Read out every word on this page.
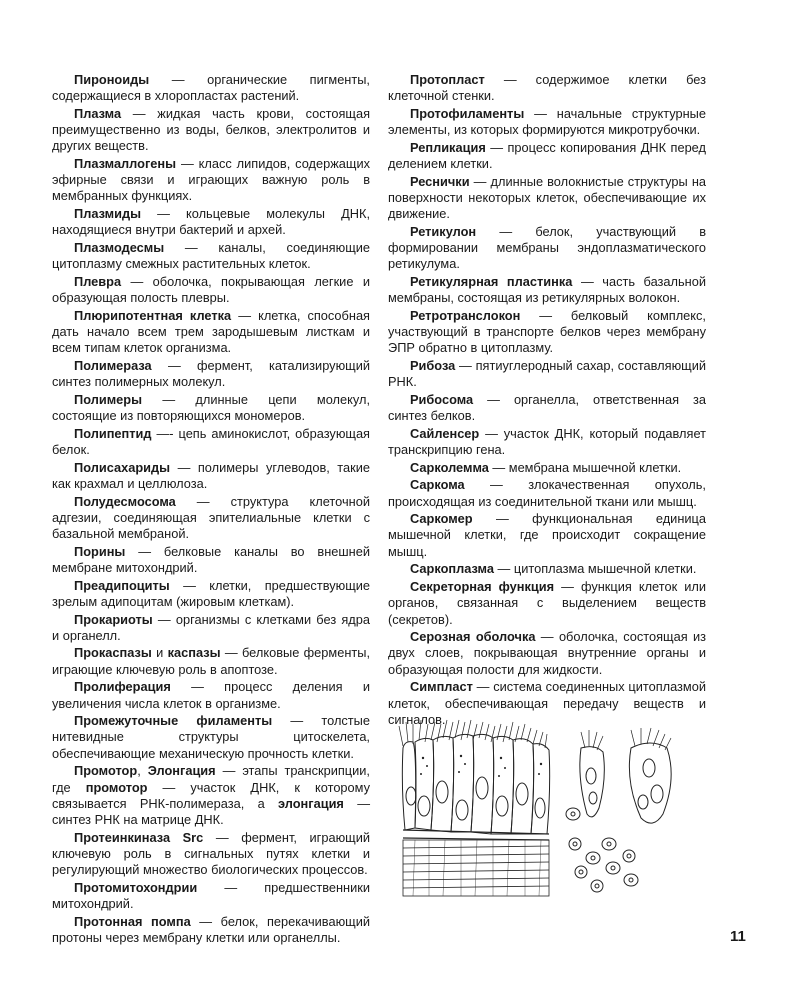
Пироноиды — органические пигменты, содержащиеся в хлоропластах растений.

Плазма — жидкая часть крови, состоящая преимущественно из воды, белков, электролитов и других веществ.

Плазмаллогены — класс липидов, содержащих эфирные связи и играющих важную роль в мембранных функциях.

Плазмиды — кольцевые молекулы ДНК, находящиеся внутри бактерий и архей.

Плазмодесмы — каналы, соединяющие цитоплазму смежных растительных клеток.

Плевра — оболочка, покрывающая легкие и образующая полость плевры.

Плюрипотентная клетка — клетка, способная дать начало всем трем зародышевым листкам и всем типам клеток организма.

Полимераза — фермент, катализирующий синтез полимерных молекул.

Полимеры — длинные цепи молекул, состоящие из повторяющихся мономеров.

Полипептид —- цепь аминокислот, образующая белок.

Полисахариды — полимеры углеводов, такие как крахмал и целлюлоза.

Полудесмосома — структура клеточной адгезии, соединяющая эпителиальные клетки с базальной мембраной.

Порины — белковые каналы во внешней мембране митохондрий.

Преадипоциты — клетки, предшествующие зрелым адипоцитам (жировым клеткам).

Прокариоты — организмы с клетками без ядра и органелл.

Прокаспазы и каспазы — белковые ферменты, играющие ключевую роль в апоптозе.

Пролиферация — процесс деления и увеличения числа клеток в организме.

Промежуточные филаменты — толстые нитевидные структуры цитоскелета, обеспечивающие механическую прочность клетки.

Промотор, Элонгация — этапы транскрипции, где промотор — участок ДНК, к которому связывается РНК-полимераза, а элонгация — синтез РНК на матрице ДНК.

Протеинкиназа Src — фермент, играющий ключевую роль в сигнальных путях клетки и регулирующий множество биологических процессов.

Протомитохондрии — предшественники митохондрий.

Протонная помпа — белок, перекачивающий протоны через мембрану клетки или органеллы.

Протопласт — содержимое клетки без клеточной стенки.

Протофиламенты — начальные структурные элементы, из которых формируются микротрубочки.

Репликация — процесс копирования ДНК перед делением клетки.

Реснички — длинные волокнистые структуры на поверхности некоторых клеток, обеспечивающие их движение.

Ретикулон — белок, участвующий в формировании мембраны эндоплазматического ретикулума.

Ретикулярная пластинка — часть базальной мембраны, состоящая из ретикулярных волокон.

Ретротранслокон — белковый комплекс, участвующий в транспорте белков через мембрану ЭПР обратно в цитоплазму.

Рибоза — пятиуглеродный сахар, составляющий РНК.

Рибосома — органелла, ответственная за синтез белков.

Сайленсер — участок ДНК, который подавляет транскрипцию гена.

Сарколемма — мембрана мышечной клетки.

Саркома — злокачественная опухоль, происходящая из соединительной ткани или мышц.

Саркомер — функциональная единица мышечной клетки, где происходит сокращение мышц.

Саркоплазма — цитоплазма мышечной клетки.

Секреторная функция — функция клеток или органов, связанная с выделением веществ (секретов).

Серозная оболочка — оболочка, состоящая из двух слоев, покрывающая внутренние органы и образующая полости для жидкости.

Симпласт — система соединенных цитоплазмой клеток, обеспечивающая передачу веществ и сигналов.

11
